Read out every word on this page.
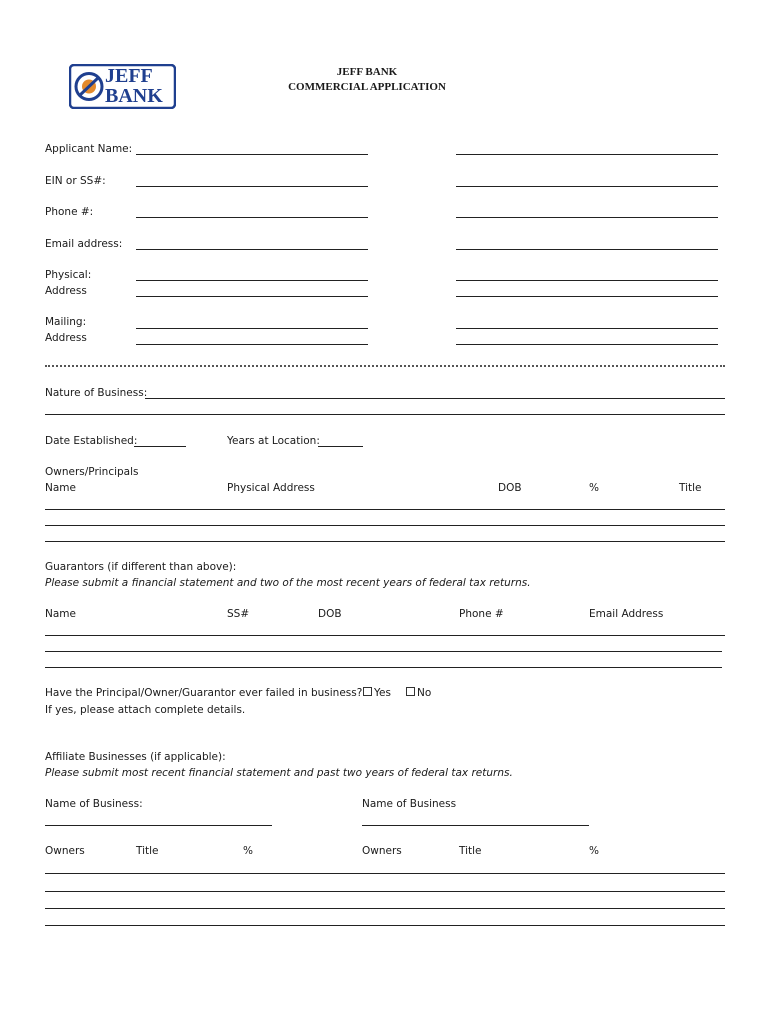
JEFF
BANK
JEFF BANK
COMMERCIAL APPLICATION
Applicant Name:
EIN or SS#:
Phone #:
Email address:
Physical:
Address
Mailing:
Address
Nature of Business:
Date Established:	Years at Location:
Owners/Principals
Name	Physical Address	DOB	%	Title
Guarantors (if different than above):
Please submit a financial statement and two of the most recent years of federal tax returns.
Name	SS#	DOB	Phone #	Email Address
Have the Principal/Owner/Guarantor ever failed in business?	Yes	No
If yes, please attach complete details.
Affiliate Businesses (if applicable):
Please submit most recent financial statement and past two years of federal tax returns.
Name of Business:	Name of Business
Owners	Title	%	Owners	Title	%
